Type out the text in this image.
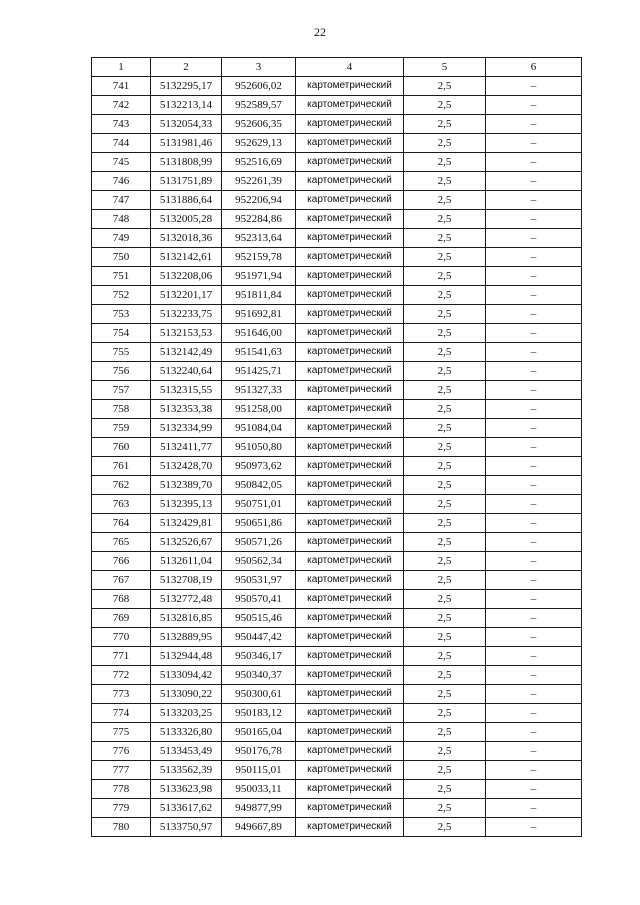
22
1	2	3	4	5	6
741	5132295,17	952606,02	картометрический	2,5	–
742	5132213,14	952589,57	картометрический	2,5	–
743	5132054,33	952606,35	картометрический	2,5	–
744	5131981,46	952629,13	картометрический	2,5	–
745	5131808,99	952516,69	картометрический	2,5	–
746	5131751,89	952261,39	картометрический	2,5	–
747	5131886,64	952206,94	картометрический	2,5	–
748	5132005,28	952284,86	картометрический	2,5	–
749	5132018,36	952313,64	картометрический	2,5	–
750	5132142,61	952159,78	картометрический	2,5	–
751	5132208,06	951971,94	картометрический	2,5	–
752	5132201,17	951811,84	картометрический	2,5	–
753	5132233,75	951692,81	картометрический	2,5	–
754	5132153,53	951646,00	картометрический	2,5	–
755	5132142,49	951541,63	картометрический	2,5	–
756	5132240,64	951425,71	картометрический	2,5	–
757	5132315,55	951327,33	картометрический	2,5	–
758	5132353,38	951258,00	картометрический	2,5	–
759	5132334,99	951084,04	картометрический	2,5	–
760	5132411,77	951050,80	картометрический	2,5	–
761	5132428,70	950973,62	картометрический	2,5	–
762	5132389,70	950842,05	картометрический	2,5	–
763	5132395,13	950751,01	картометрический	2,5	–
764	5132429,81	950651,86	картометрический	2,5	–
765	5132526,67	950571,26	картометрический	2,5	–
766	5132611,04	950562,34	картометрический	2,5	–
767	5132708,19	950531,97	картометрический	2,5	–
768	5132772,48	950570,41	картометрический	2,5	–
769	5132816,85	950515,46	картометрический	2,5	–
770	5132889,95	950447,42	картометрический	2,5	–
771	5132944,48	950346,17	картометрический	2,5	–
772	5133094,42	950340,37	картометрический	2,5	–
773	5133090,22	950300,61	картометрический	2,5	–
774	5133203,25	950183,12	картометрический	2,5	–
775	5133326,80	950165,04	картометрический	2,5	–
776	5133453,49	950176,78	картометрический	2,5	–
777	5133562,39	950115,01	картометрический	2,5	–
778	5133623,98	950033,11	картометрический	2,5	–
779	5133617,62	949877,99	картометрический	2,5	–
780	5133750,97	949667,89	картометрический	2,5	–
